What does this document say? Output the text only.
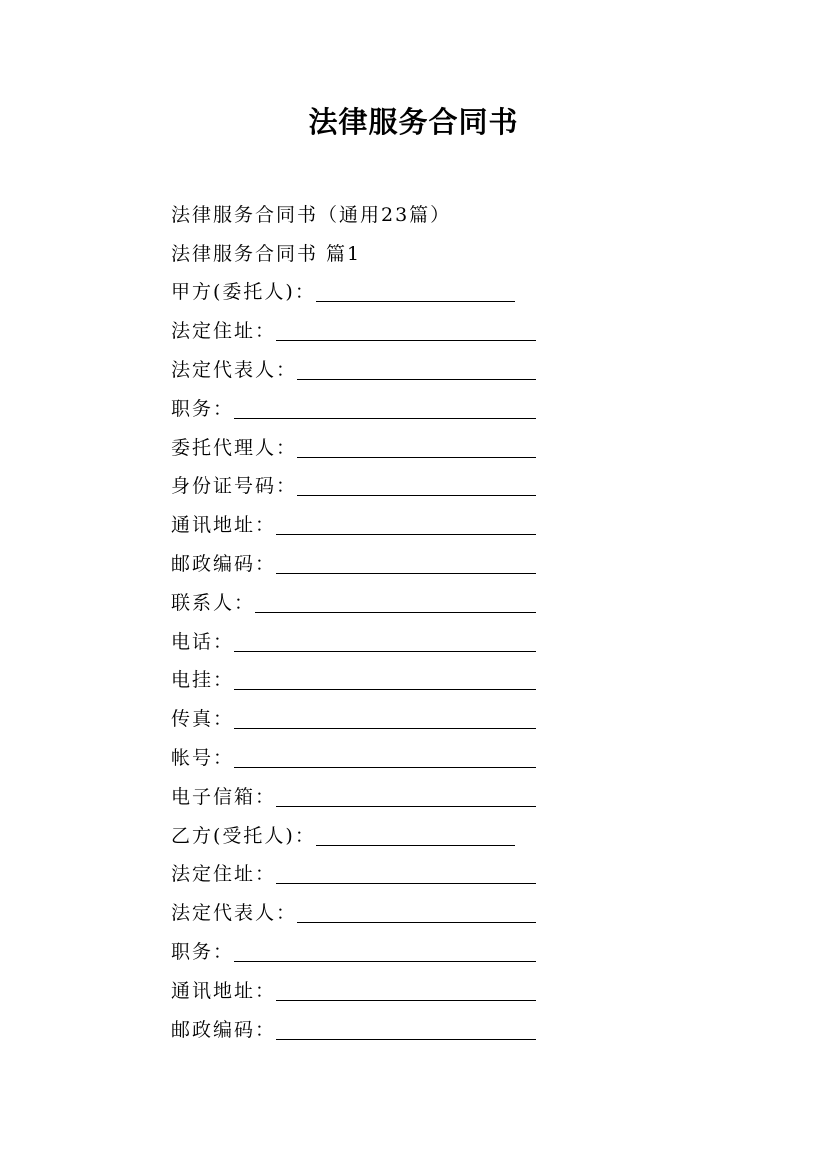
法律服务合同书
法律服务合同书（通用23篇）
法律服务合同书 篇1
甲方(委托人)：
法定住址：
法定代表人：
职务：
委托代理人：
身份证号码：
通讯地址：
邮政编码：
联系人：
电话：
电挂：
传真：
帐号：
电子信箱：
乙方(受托人)：
法定住址：
法定代表人：
职务：
通讯地址：
邮政编码：
